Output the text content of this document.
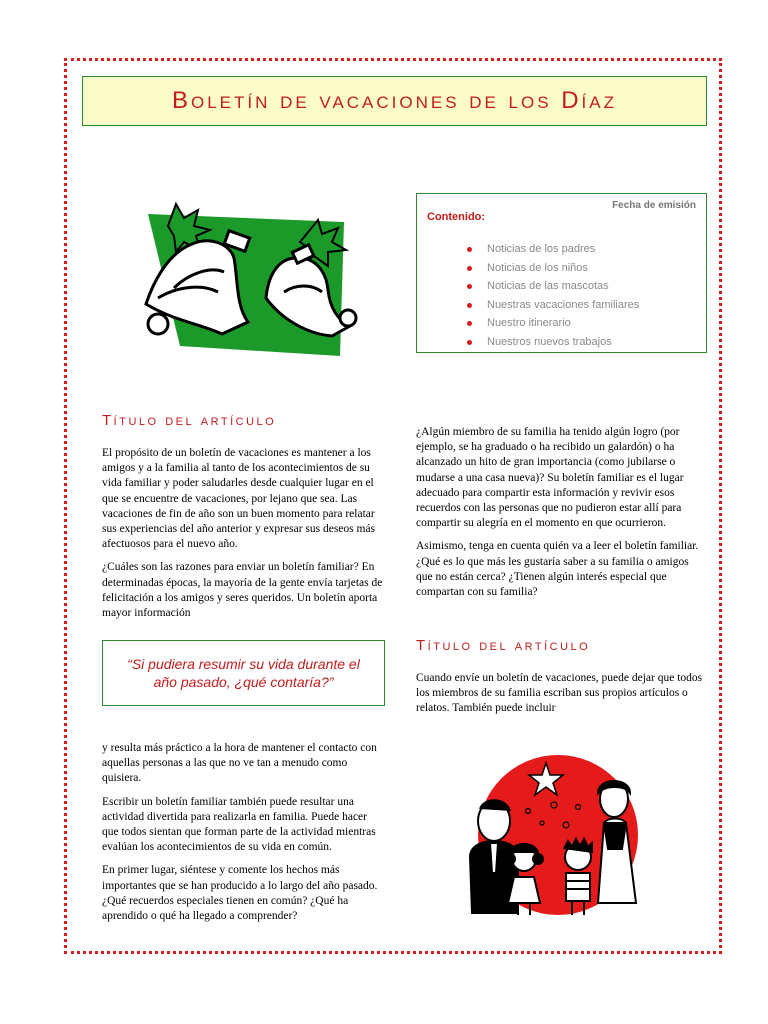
Boletín de vacaciones de los Díaz
Fecha de emisión
Contenido:
Noticias de los padres
Noticias de los niños
Noticias de las mascotas
Nuestras vacaciones familiares
Nuestro itinerario
Nuestros nuevos trabajos
Título del artículo

El propósito de un boletín de vacaciones es mantener a los amigos y a la familia al tanto de los acontecimientos de su vida familiar y poder saludarles desde cualquier lugar en el que se encuentre de vacaciones, por lejano que sea. Las vacaciones de fin de año son un buen momento para relatar sus experiencias del año anterior y expresar sus deseos más afectuosos para el nuevo año.

¿Cuáles son las razones para enviar un boletín familiar? En determinadas épocas, la mayoría de la gente envía tarjetas de felicitación a los amigos y seres queridos. Un boletín aporta mayor información

“Si pudiera resumir su vida durante el año pasado, ¿qué contaría?”

y resulta más práctico a la hora de mantener el contacto con aquellas personas a las que no ve tan a menudo como quisiera.

Escribir un boletín familiar también puede resultar una actividad divertida para realizarla en familia. Puede hacer que todos sientan que forman parte de la actividad mientras evalúan los acontecimientos de su vida en común.

En primer lugar, siéntese y comente los hechos más importantes que se han producido a lo largo del año pasado. ¿Qué recuerdos especiales tienen en común? ¿Qué ha aprendido o qué ha llegado a comprender?

¿Algún miembro de su familia ha tenido algún logro (por ejemplo, se ha graduado o ha recibido un galardón) o ha alcanzado un hito de gran importancia (como jubilarse o mudarse a una casa nueva)? Su boletín familiar es el lugar adecuado para compartir esta información y revivir esos recuerdos con las personas que no pudieron estar allí para compartir su alegría en el momento en que ocurrieron.

Asimismo, tenga en cuenta quién va a leer el boletín familiar. ¿Qué es lo que más les gustaría saber a su familia o amigos que no están cerca? ¿Tienen algún interés especial que compartan con su familia?

Título del artículo

Cuando envíe un boletín de vacaciones, puede dejar que todos los miembros de su familia escriban sus propios artículos o relatos. También puede incluir
